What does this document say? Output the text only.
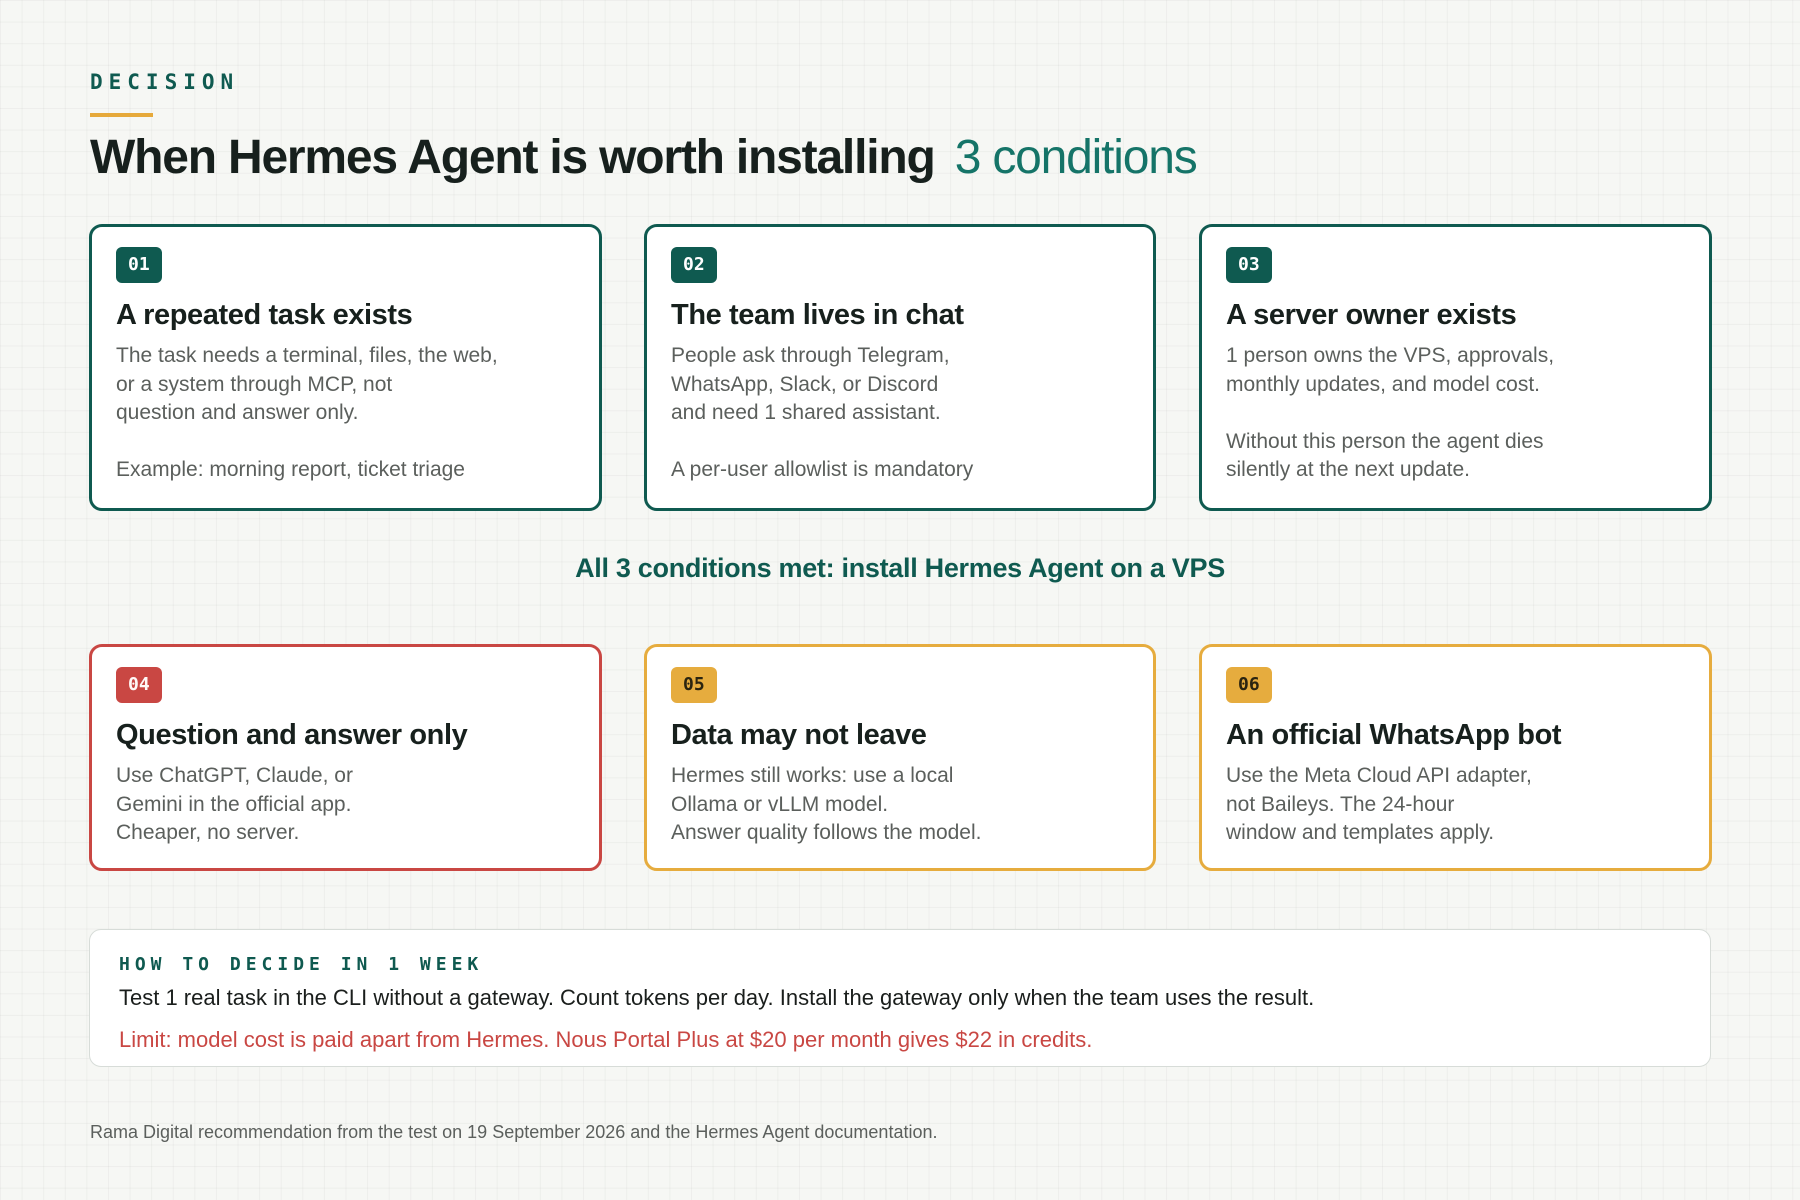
DECISION
When Hermes Agent is worth installing 3 conditions
01
A repeated task exists
The task needs a terminal, files, the web,
or a system through MCP, not
question and answer only.
Example: morning report, ticket triage
02
The team lives in chat
People ask through Telegram,
WhatsApp, Slack, or Discord
and need 1 shared assistant.
A per-user allowlist is mandatory
03
A server owner exists
1 person owns the VPS, approvals,
monthly updates, and model cost.
Without this person the agent dies
silently at the next update.
All 3 conditions met: install Hermes Agent on a VPS
04
Question and answer only
Use ChatGPT, Claude, or
Gemini in the official app.
Cheaper, no server.
05
Data may not leave
Hermes still works: use a local
Ollama or vLLM model.
Answer quality follows the model.
06
An official WhatsApp bot
Use the Meta Cloud API adapter,
not Baileys. The 24-hour
window and templates apply.
HOW TO DECIDE IN 1 WEEK
Test 1 real task in the CLI without a gateway. Count tokens per day. Install the gateway only when the team uses the result.
Limit: model cost is paid apart from Hermes. Nous Portal Plus at $20 per month gives $22 in credits.
Rama Digital recommendation from the test on 19 September 2026 and the Hermes Agent documentation.
